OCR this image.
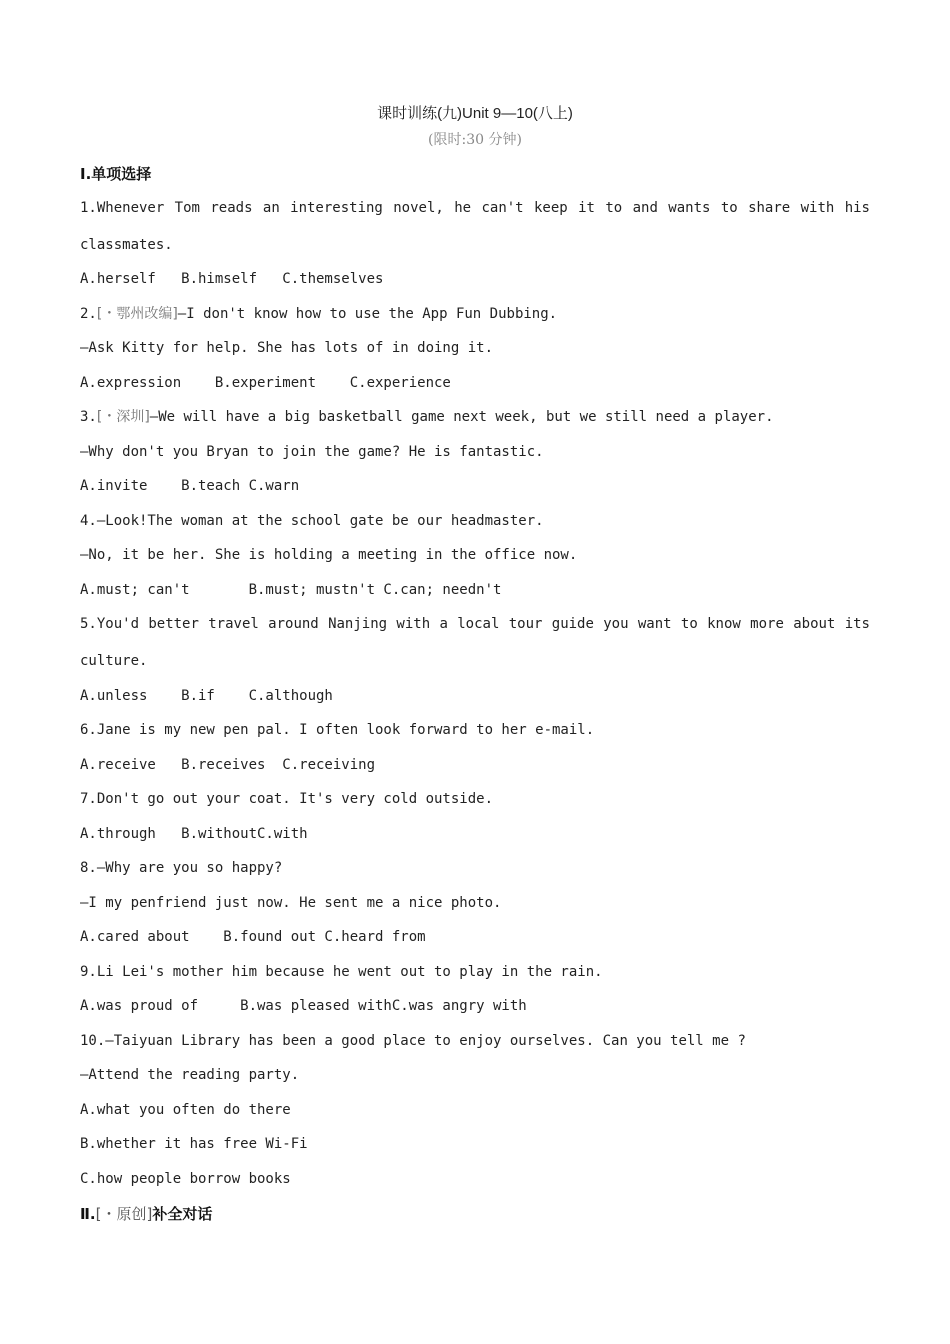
课时训练(九)Unit 9—10(八上)
(限时:30 分钟)
Ⅰ.单项选择
1.Whenever Tom reads an interesting novel, he can't keep it to and wants to share with his
classmates.
A.herself   B.himself   C.themselves
2.[・鄂州改编]—I don't know how to use the App Fun Dubbing.
—Ask Kitty for help. She has lots of in doing it.
A.expression    B.experiment    C.experience
3.[・深圳]—We will have a big basketball game next week, but we still need a player.
—Why don't you Bryan to join the game? He is fantastic.
A.invite    B.teach C.warn
4.—Look!The woman at the school gate be our headmaster.
—No, it be her. She is holding a meeting in the office now.
A.must; can't       B.must; mustn't C.can; needn't
5.You'd better travel around Nanjing with a local tour guide you want to know more about its
culture.
A.unless    B.if    C.although
6.Jane is my new pen pal. I often look forward to her e-mail.
A.receive   B.receives  C.receiving
7.Don't go out your coat. It's very cold outside.
A.through   B.withoutC.with
8.—Why are you so happy?
—I my penfriend just now. He sent me a nice photo.
A.cared about    B.found out C.heard from
9.Li Lei's mother him because he went out to play in the rain.
A.was proud of     B.was pleased withC.was angry with
10.—Taiyuan Library has been a good place to enjoy ourselves. Can you tell me ?
—Attend the reading party.
A.what you often do there
B.whether it has free Wi-Fi
C.how people borrow books
Ⅱ.[・原创]补全对话
